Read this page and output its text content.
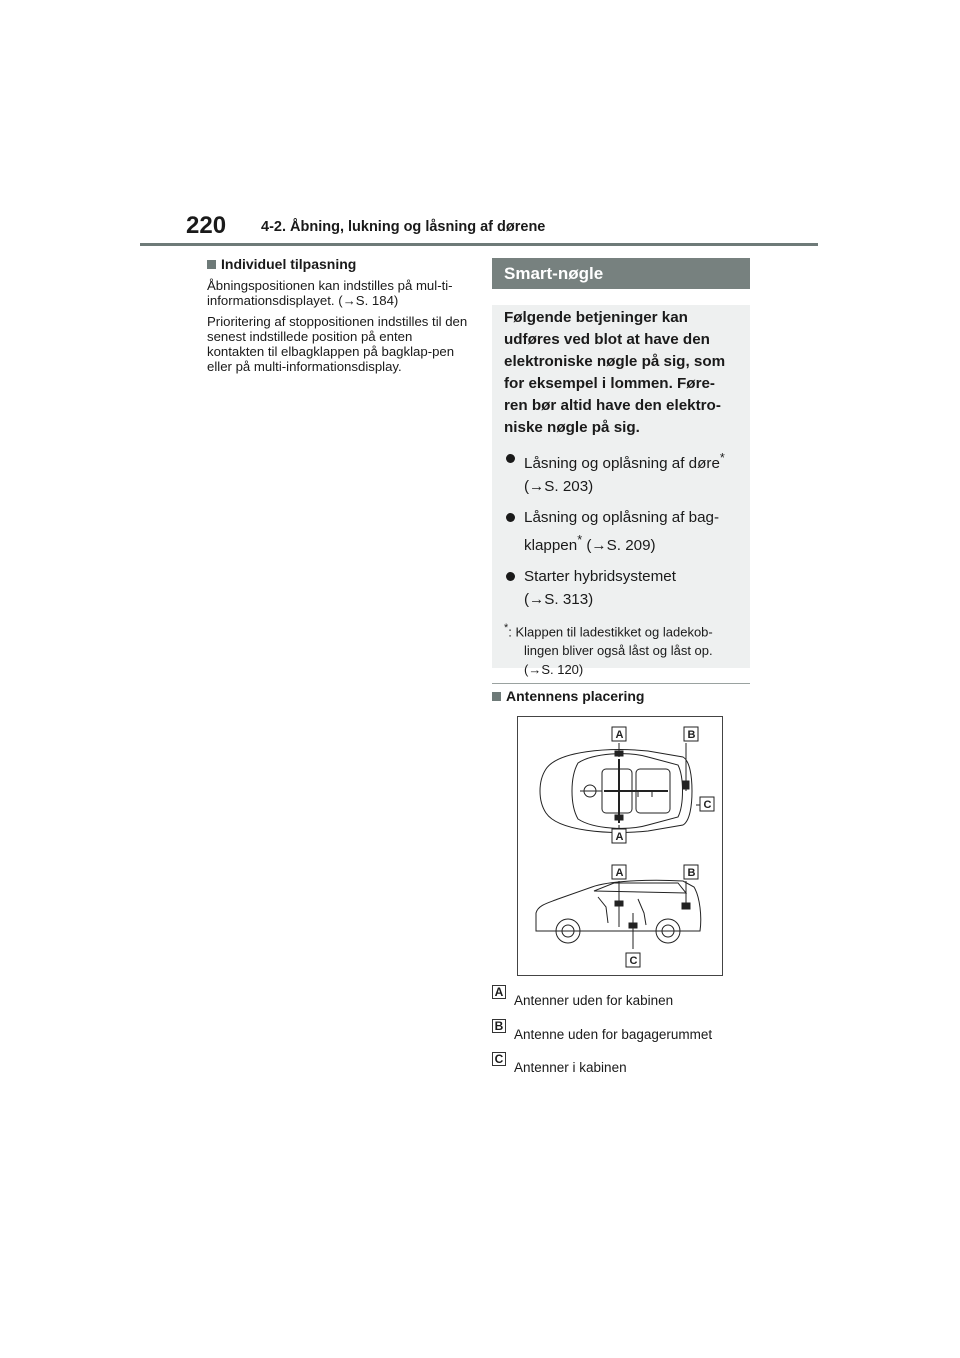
220 4-2. Åbning, lukning og låsning af dørene
Individuel tilpasning

Åbningspositionen kan indstilles på mul-ti-informationsdisplayet. (→S. 184)

Prioritering af stoppositionen indstilles til den senest indstillede position på enten kontakten til elbagklappen på bagklap-pen eller på multi-informationsdisplay.

Smart-nøgle

Følgende betjeninger kan udføres ved blot at have den elektroniske nøgle på sig, som for eksempel i lommen. Føre-ren bør altid have den elektro-niske nøgle på sig.

Låsning og oplåsning af døre*
(→S. 203)
Låsning og oplåsning af bag-klappen* (→S. 209)
Starter hybridsystemet
(→S. 313)
*: Klappen til ladestikket og ladekob-
lingen bliver også låst og låst op.
(→S. 120)
Antennens placering
A	B
C
A
A	B
C
A
Antenner uden for kabinen
B
Antenne uden for bagagerummet
C
Antenner i kabinen
